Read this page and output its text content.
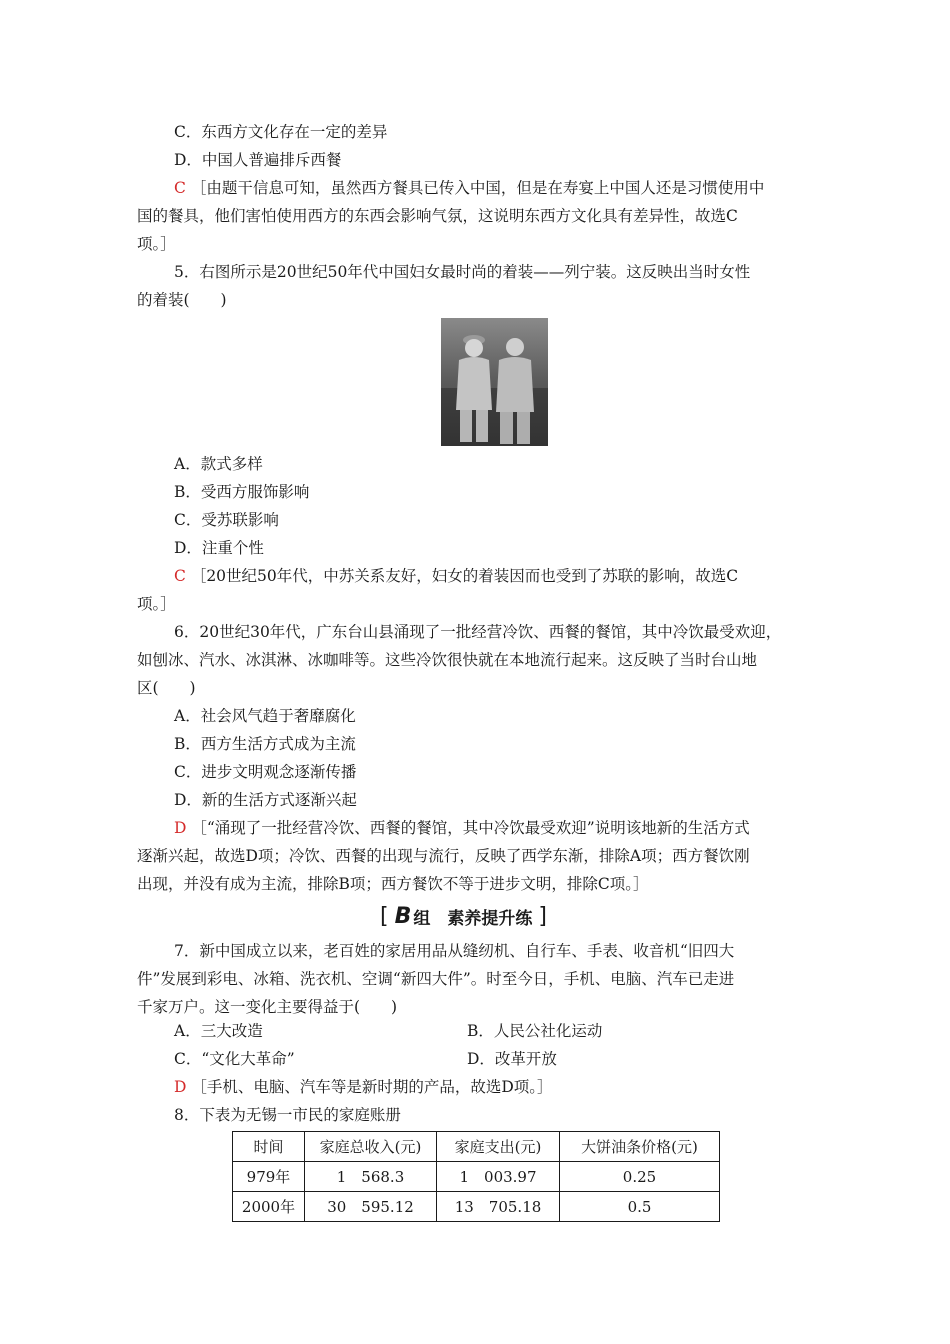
C．东西方文化存在一定的差异
D．中国人普遍排斥西餐
C ［由题干信息可知，虽然西方餐具已传入中国，但是在寿宴上中国人还是习惯使用中
国的餐具，他们害怕使用西方的东西会影响气氛，这说明东西方文化具有差异性，故选C
项。］
5．右图所示是20世纪50年代中国妇女最时尚的着装——列宁装。这反映出当时女性
的着装(　　)
A．款式多样
B．受西方服饰影响
C．受苏联影响
D．注重个性
C ［20世纪50年代，中苏关系友好，妇女的着装因而也受到了苏联的影响，故选C
项。］
6．20世纪30年代，广东台山县涌现了一批经营冷饮、西餐的餐馆，其中冷饮最受欢迎，
如刨冰、汽水、冰淇淋、冰咖啡等。这些冷饮很快就在本地流行起来。这反映了当时台山地
区(　　)
A．社会风气趋于奢靡腐化
B．西方生活方式成为主流
C．进步文明观念逐渐传播
D．新的生活方式逐渐兴起
D ［“涌现了一批经营冷饮、西餐的餐馆，其中冷饮最受欢迎”说明该地新的生活方式
逐渐兴起，故选D项；冷饮、西餐的出现与流行，反映了西学东渐，排除A项；西方餐饮刚
出现，并没有成为主流，排除B项；西方餐饮不等于进步文明，排除C项。］
[ B 组　素养提升练 ]
7．新中国成立以来，老百姓的家居用品从缝纫机、自行车、手表、收音机“旧四大
件”发展到彩电、冰箱、洗衣机、空调“新四大件”。时至今日，手机、电脑、汽车已走进
千家万户。这一变化主要得益于(　　)
A．三大改造	B．人民公社化运动
C．“文化大革命”	D．改革开放
D ［手机、电脑、汽车等是新时期的产品，故选D项。］
8．下表为无锡一市民的家庭账册
时间	家庭总收入(元)	家庭支出(元)	大饼油条价格(元)
979年	1　568.3	1　003.97	0.25
2000年	30　595.12	13　705.18	0.5
